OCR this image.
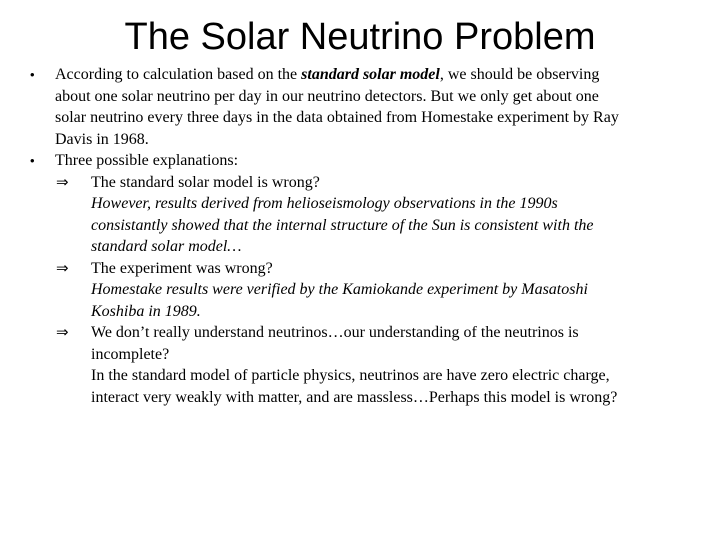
The Solar Neutrino Problem
• According to calculation based on the standard solar model, we should be observing
about one solar neutrino per day in our neutrino detectors. But we only get about one
solar neutrino every three days in the data obtained from Homestake experiment by Ray
Davis in 1968.
• Three possible explanations:
⇒ The standard solar model is wrong?
However, results derived from helioseismology observations in the 1990s
consistantly showed that the internal structure of the Sun is consistent with the
standard solar model…
⇒ The experiment was wrong?
Homestake results were verified by the Kamiokande experiment by Masatoshi
Koshiba in 1989.
⇒ We don’t really understand neutrinos…our understanding of the neutrinos is
incomplete?
In the standard model of particle physics, neutrinos are have zero electric charge,
interact very weakly with matter, and are massless…Perhaps this model is wrong?
